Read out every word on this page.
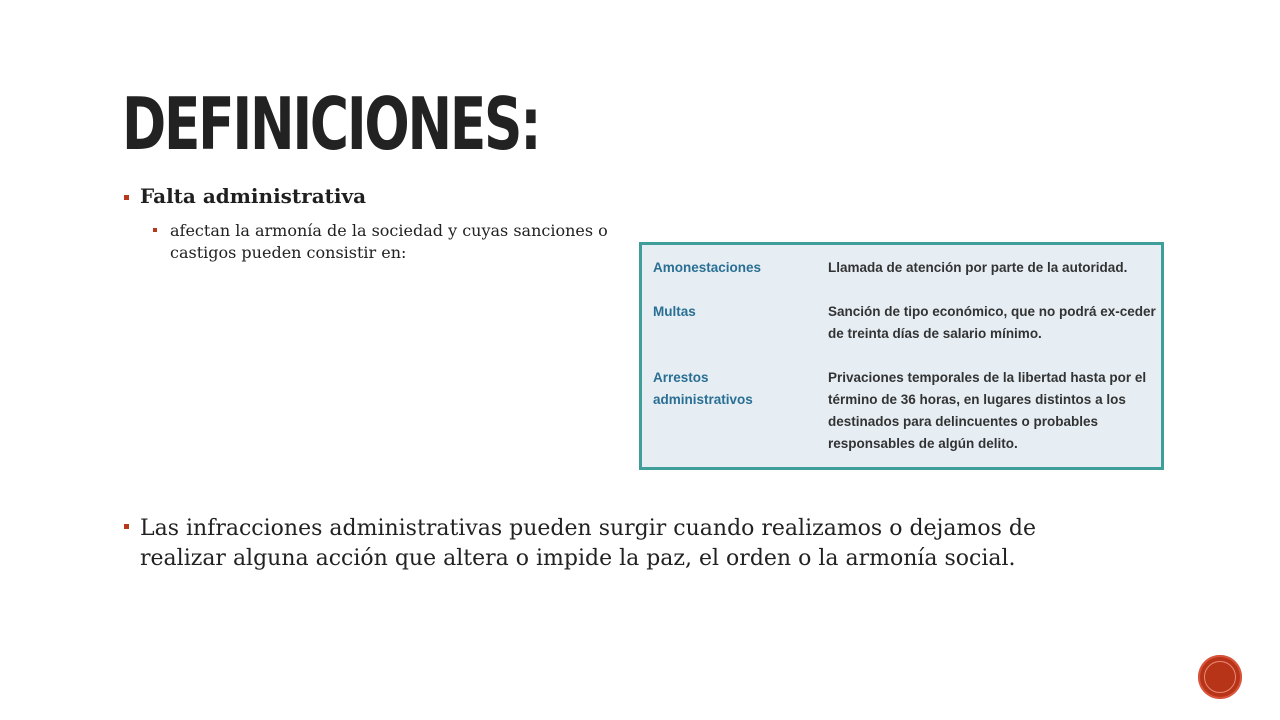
DEFINICIONES:
Falta administrativa
afectan la armonía de la sociedad y cuyas sanciones o castigos pueden consistir en:
Amonestaciones	Llamada de atención por parte de la autoridad.
Multas	Sanción de tipo económico, que no podrá ex-ceder de treinta días de salario mínimo.
Arrestos administrativos
Privaciones temporales de la libertad hasta por el término de 36 horas, en lugares distintos a los destinados para delincuentes o probables responsables de algún delito.
Las infracciones administrativas pueden surgir cuando realizamos o dejamos de realizar alguna acción que altera o impide la paz, el orden o la armonía social.
